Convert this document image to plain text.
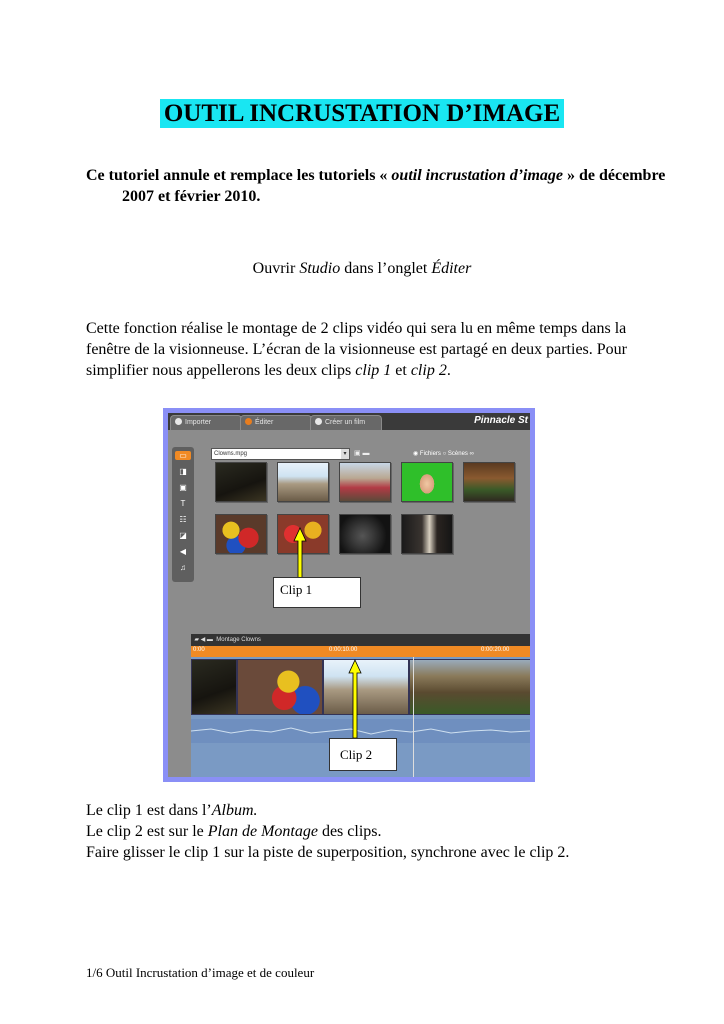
OUTIL INCRUSTATION D’IMAGE
Ce tutoriel annule et remplace les tutoriels « outil incrustation d’image » de décembre 2007 et février 2010.
Ouvrir Studio dans l’onglet Éditer
Cette fonction réalise le montage de 2 clips vidéo qui sera lu en même temps dans la fenêtre de la visionneuse. L’écran de la visionneuse est partagé en deux parties. Pour simplifier nous appellerons les deux clips clip 1 et clip 2.
Importer	Éditer	Créer un film	Pinnacle St
▭
◨
▣
T
☷
◪
◀
♫
Clowns.mpg	▾	▣ ▬	◉ Fichiers ○ Scènes ∞
Clip 1
▰ ◀ ▬  Montage Clowns
0:00	0:00:10.00	0:00:20.00
Clip 2
Le clip 1 est dans l’Album.
Le clip 2 est sur le Plan de Montage des clips.
Faire glisser le clip 1 sur la piste de superposition, synchrone avec le clip 2.
1/6 Outil Incrustation d’image et de couleur
